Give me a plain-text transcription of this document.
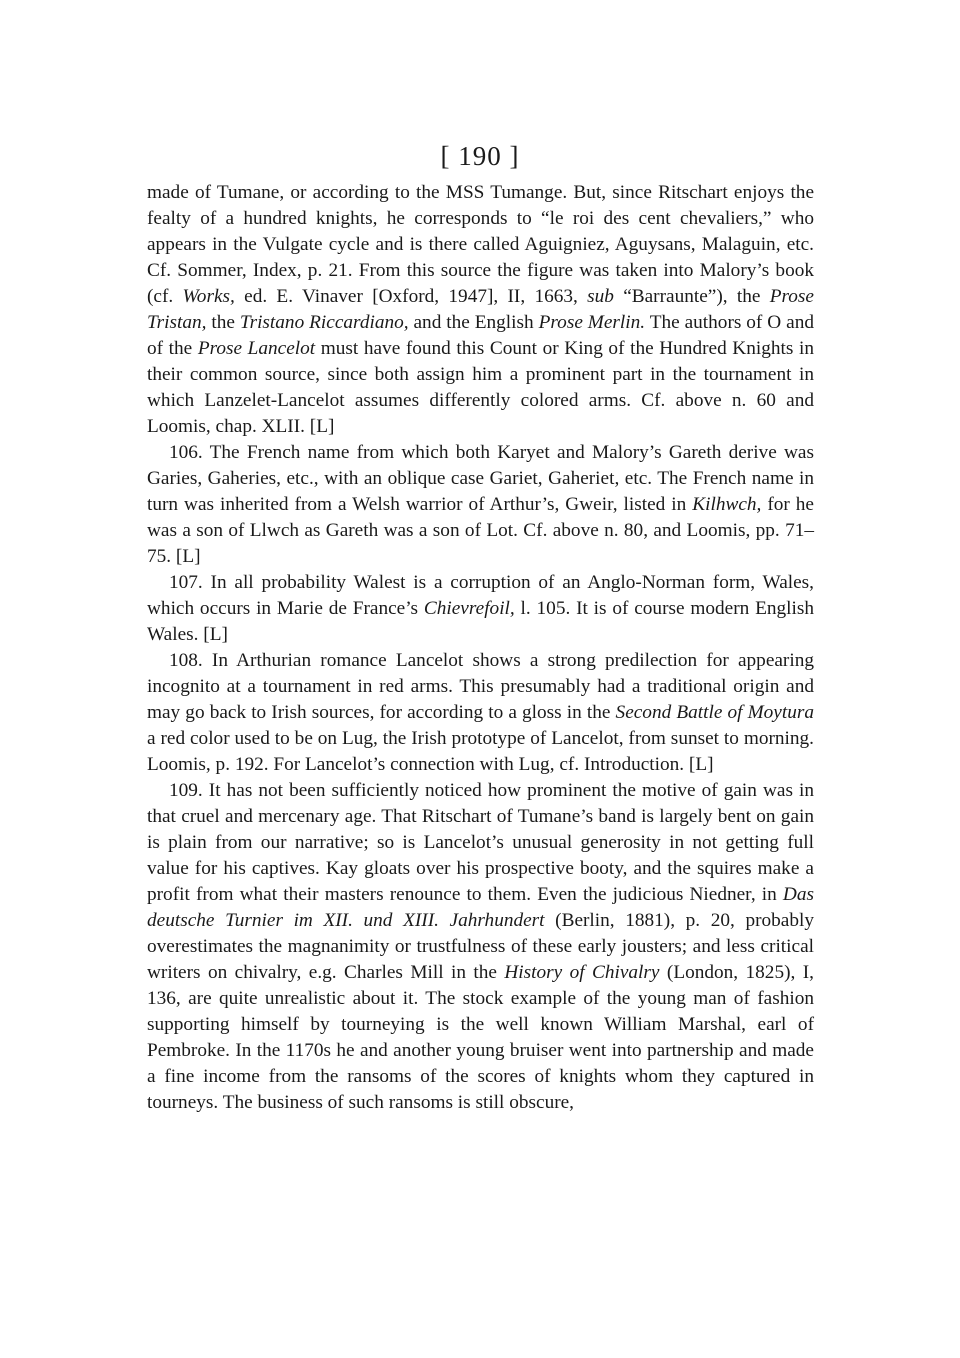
[ 190 ]

made of Tumane, or according to the MSS Tumange. But, since Ritschart enjoys the fealty of a hundred knights, he corresponds to “le roi des cent chevaliers,” who appears in the Vulgate cycle and is there called Aguigniez, Aguysans, Malaguin, etc. Cf. Sommer, Index, p. 21. From this source the figure was taken into Malory’s book (cf. Works, ed. E. Vinaver [Oxford, 1947], II, 1663, sub “Barraunte”), the Prose Tristan, the Tristano Riccardiano, and the English Prose Merlin. The authors of O and of the Prose Lancelot must have found this Count or King of the Hundred Knights in their common source, since both assign him a prominent part in the tournament in which Lanzelet-Lancelot assumes differently colored arms. Cf. above n. 60 and Loomis, chap. XLII. [L]

106. The French name from which both Karyet and Malory’s Gareth derive was Garies, Gaheries, etc., with an oblique case Gariet, Gaheriet, etc. The French name in turn was inherited from a Welsh warrior of Arthur’s, Gweir, listed in Kilhwch, for he was a son of Llwch as Gareth was a son of Lot. Cf. above n. 80, and Loomis, pp. 71–75. [L]

107. In all probability Walest is a corruption of an Anglo-Norman form, Wales, which occurs in Marie de France’s Chievrefoil, l. 105. It is of course modern English Wales. [L]

108. In Arthurian romance Lancelot shows a strong predilection for appearing incognito at a tournament in red arms. This presumably had a traditional origin and may go back to Irish sources, for according to a gloss in the Second Battle of Moytura a red color used to be on Lug, the Irish prototype of Lancelot, from sunset to morning. Loomis, p. 192. For Lancelot’s connection with Lug, cf. Introduction. [L]

109. It has not been sufficiently noticed how prominent the motive of gain was in that cruel and mercenary age. That Ritschart of Tumane’s band is largely bent on gain is plain from our narrative; so is Lancelot’s unusual generosity in not getting full value for his captives. Kay gloats over his prospective booty, and the squires make a profit from what their masters renounce to them. Even the judicious Niedner, in Das deutsche Turnier im XII. und XIII. Jahrhundert (Berlin, 1881), p. 20, probably overestimates the magnanimity or trustfulness of these early jousters; and less critical writers on chivalry, e.g. Charles Mill in the History of Chivalry (London, 1825), I, 136, are quite unrealistic about it. The stock example of the young man of fashion supporting himself by tourneying is the well known William Marshal, earl of Pembroke. In the 1170s he and another young bruiser went into partnership and made a fine income from the ransoms of the scores of knights whom they captured in tourneys. The business of such ransoms is still obscure,
